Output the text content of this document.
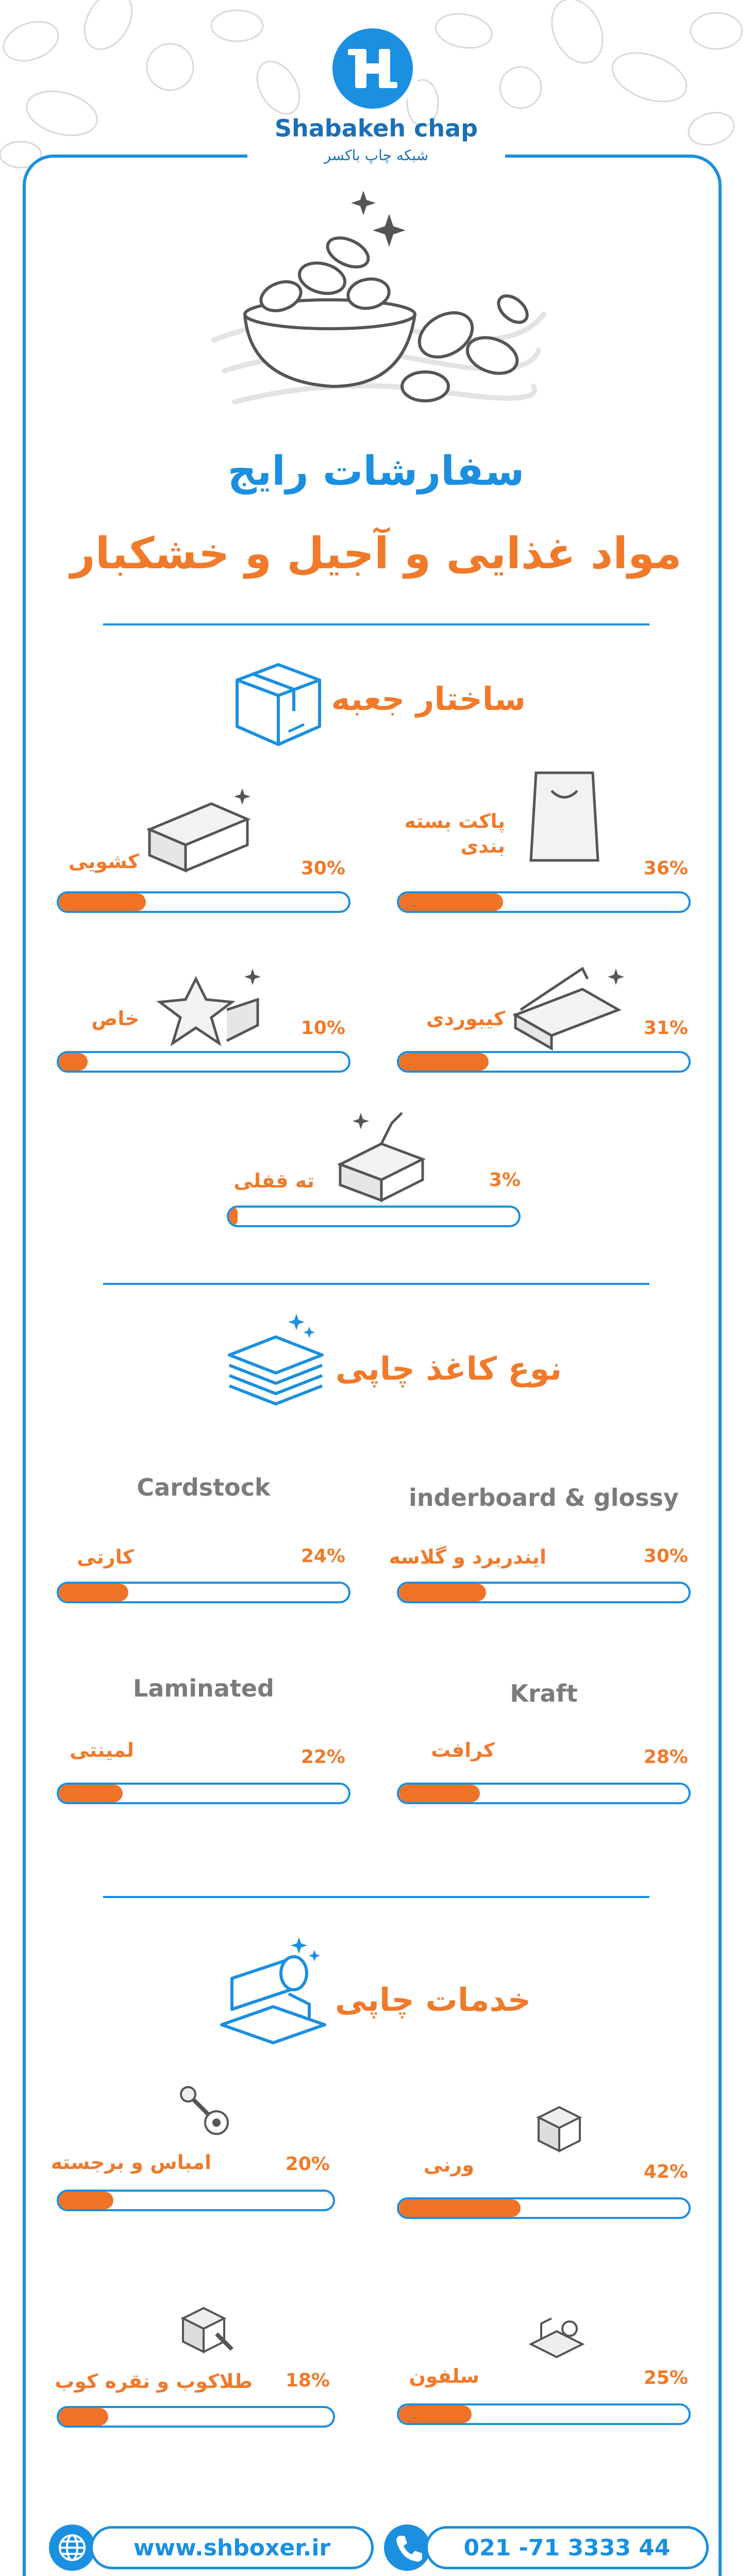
Shabakeh chap
شبکه چاپ باکسر
سفارشات رایج
مواد غذایی و آجیل و خشکبار
ساختار جعبه
پاکت بسته بندی
36%
کشویی	30%
کیبوردی	31%
خاص	10%
ته قفلی	3%
نوع کاغذ چاپی
inderboard & glossy
ایندربرد و گلاسه	30%
Cardstock
کارتی	24%
Kraft
کرافت	28%
Laminated
لمینتی	22%
خدمات چاپی
ورنی	42%
امباس و برجسته	20%
سلفون	25%
طلاکوب و نقره کوب	18%
www.shboxer.ir	021 -71 3333 44
